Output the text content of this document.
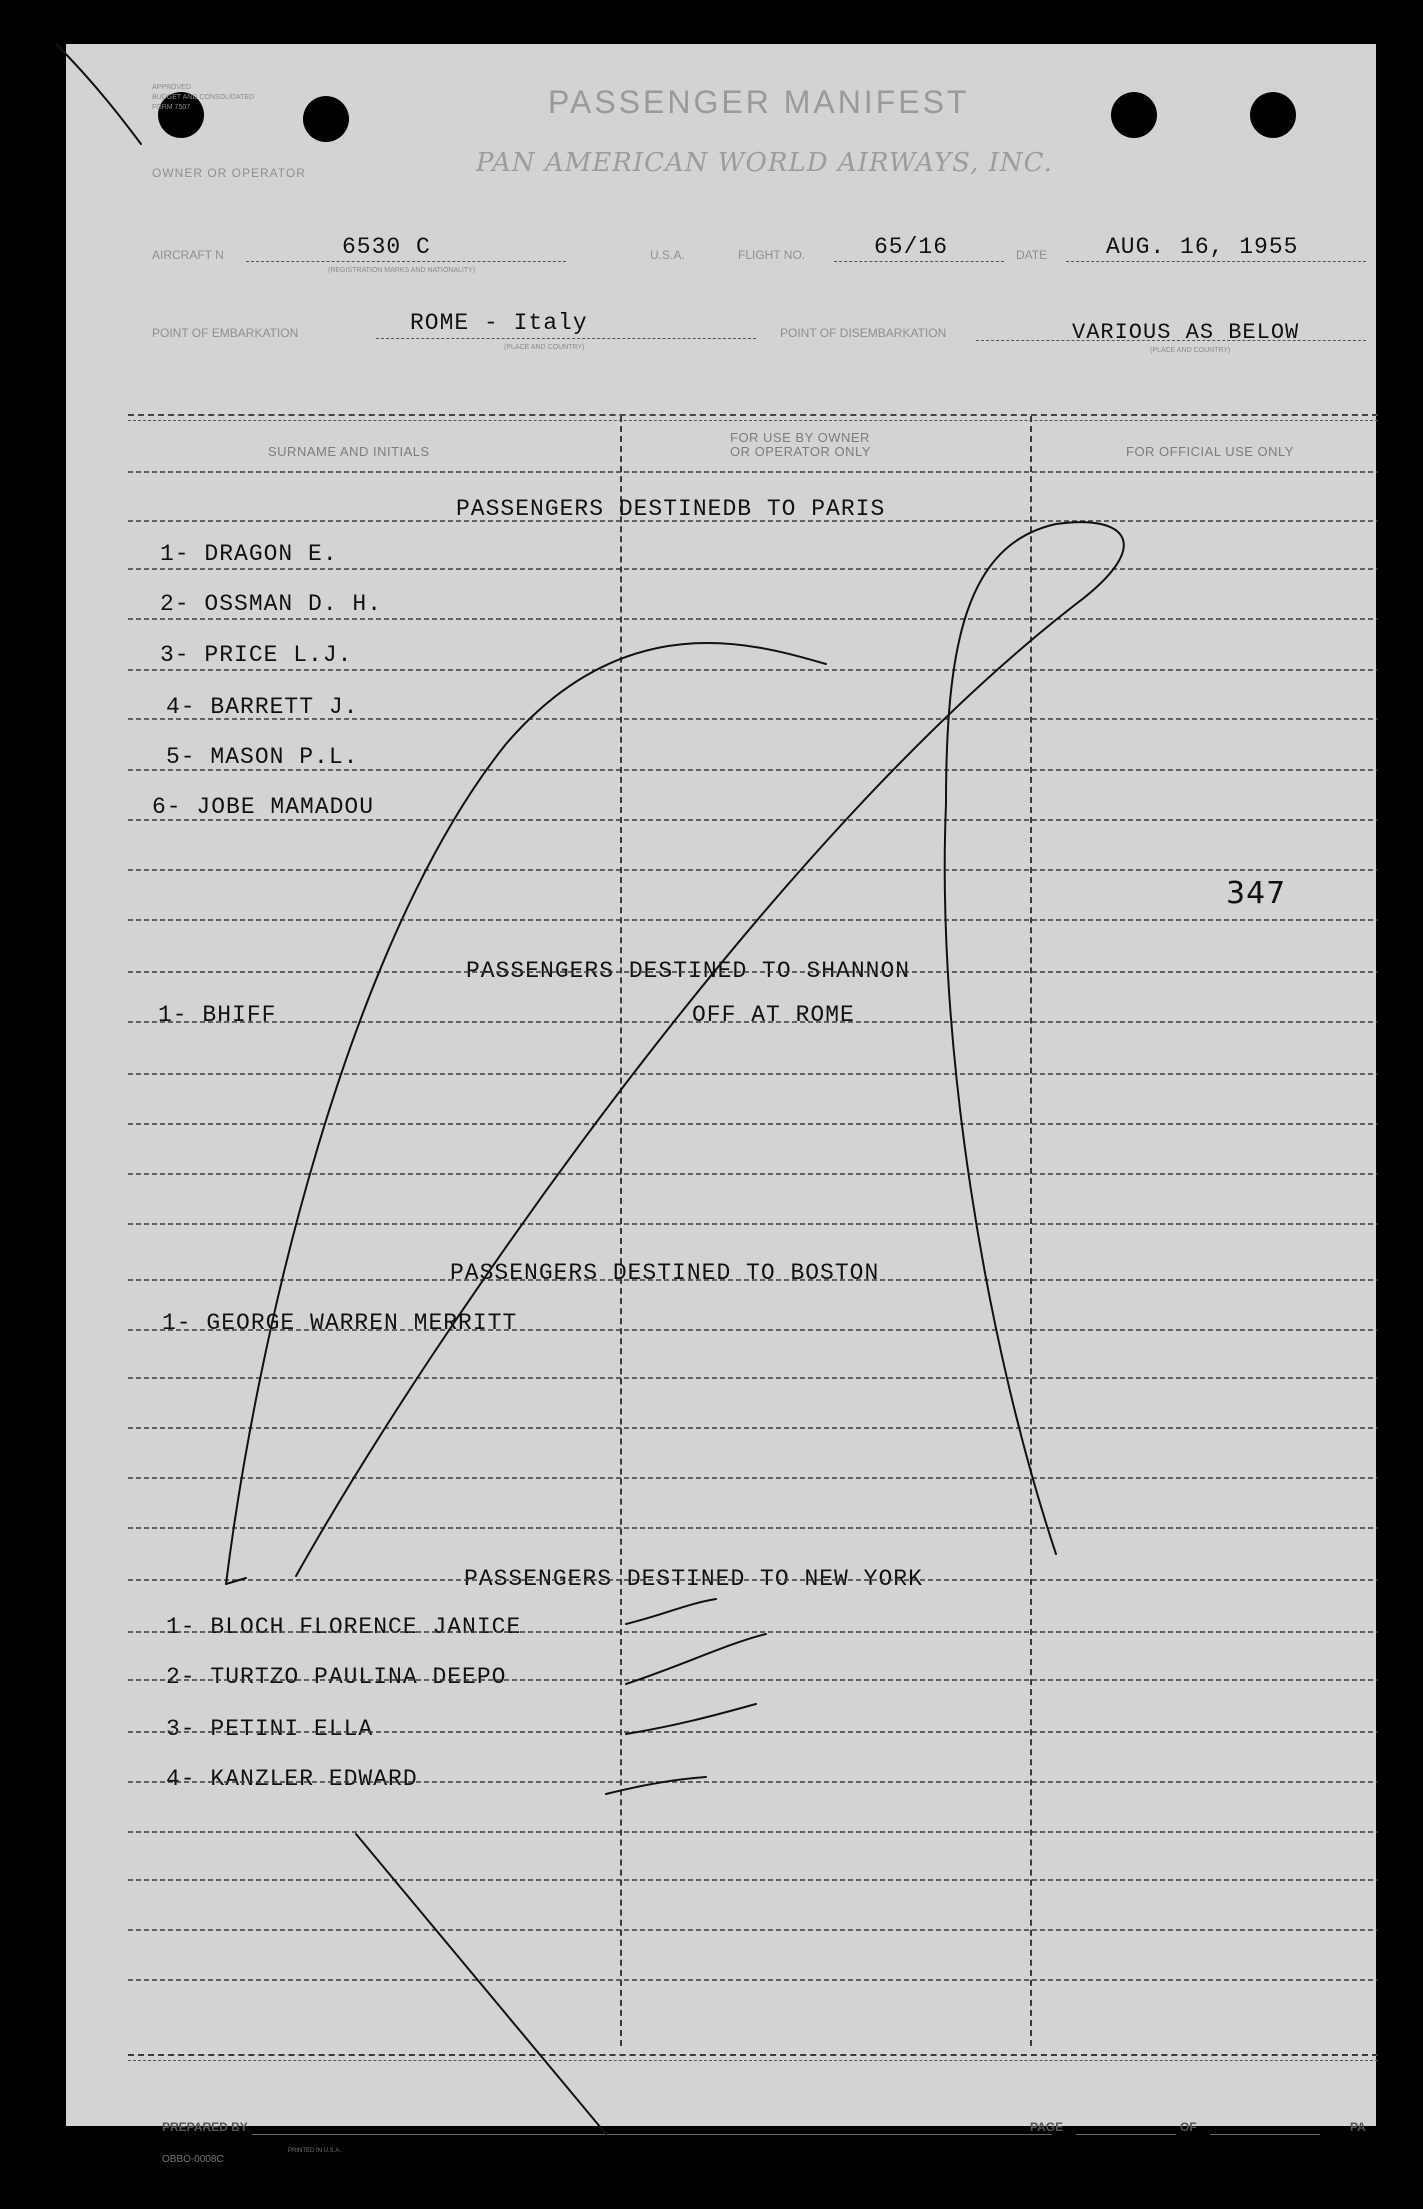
APPROVED
BUDGET AND CONSOLIDATED
FORM 7507	PASSENGER MANIFEST
PAN AMERICAN WORLD AIRWAYS, INC.
OWNER OR OPERATOR
AIRCRAFT N	6530 C
(REGISTRATION MARKS AND NATIONALITY)
U.S.A.	FLIGHT NO.	65/16	DATE	AUG. 16, 1955
POINT OF EMBARKATION	ROME - Italy
(PLACE AND COUNTRY)
POINT OF DISEMBARKATION	VARIOUS AS BELOW
(PLACE AND COUNTRY)
SURNAME AND INITIALS
FOR USE BY OWNER
OR OPERATOR ONLY	FOR OFFICIAL USE ONLY
PASSENGERS DESTINEDB TO PARIS
1- DRAGON E.
2- OSSMAN D. H.
3- PRICE L.J.
4- BARRETT J.
5- MASON P.L.
6- JOBE MAMADOU
347
PASSENGERS DESTINED TO SHANNON
1- BHIFF	OFF AT ROME
PASSENGERS DESTINED TO BOSTON
1- GEORGE WARREN MERRITT
PASSENGERS DESTINED TO NEW YORK
1- BLOCH FLORENCE JANICE
2- TURTZO PAULINA DEEPO
3- PETINI ELLA
4- KANZLER EDWARD
PREPARED BY	PAGE	OF	PA
OBBO-0008C
PRINTED IN U.S.A.
